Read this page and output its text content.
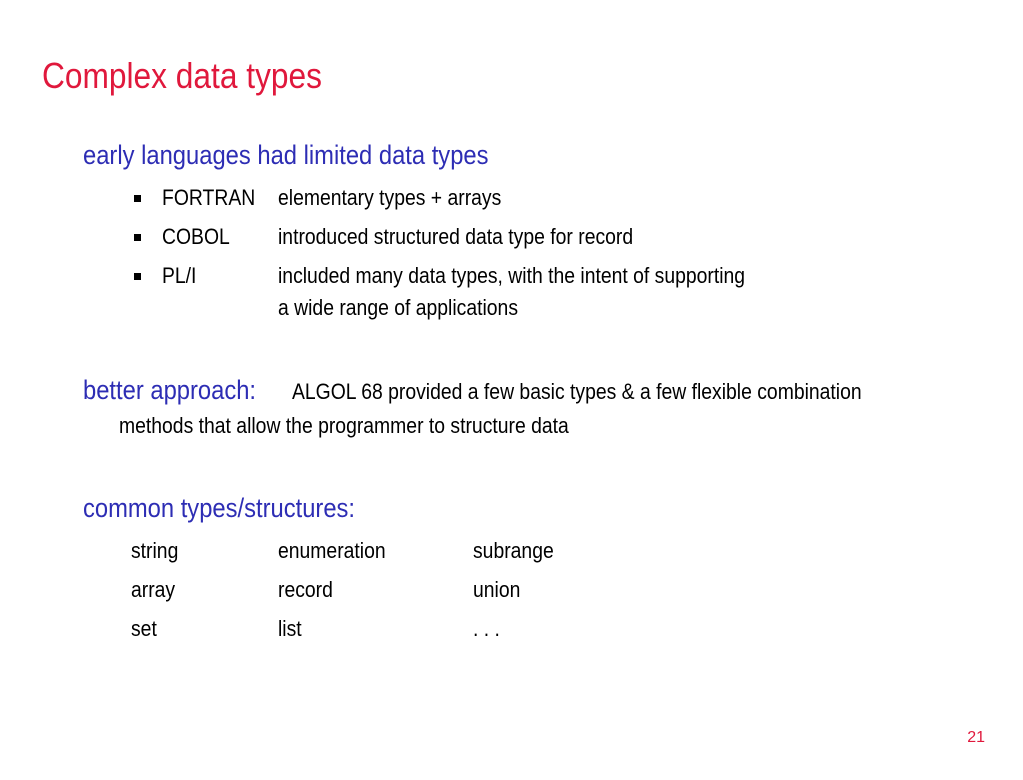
Complex data types
early languages had limited data types
FORTRAN elementary types + arrays
COBOL introduced structured data type for record
PL/I	included many data types, with the intent of supporting
a wide range of applications
better approach: ALGOL 68 provided a few basic types & a few flexible combination
methods that allow the programmer to structure data
common types/structures:
string	enumeration	subrange
array	record	union
set	list	. . .
21
